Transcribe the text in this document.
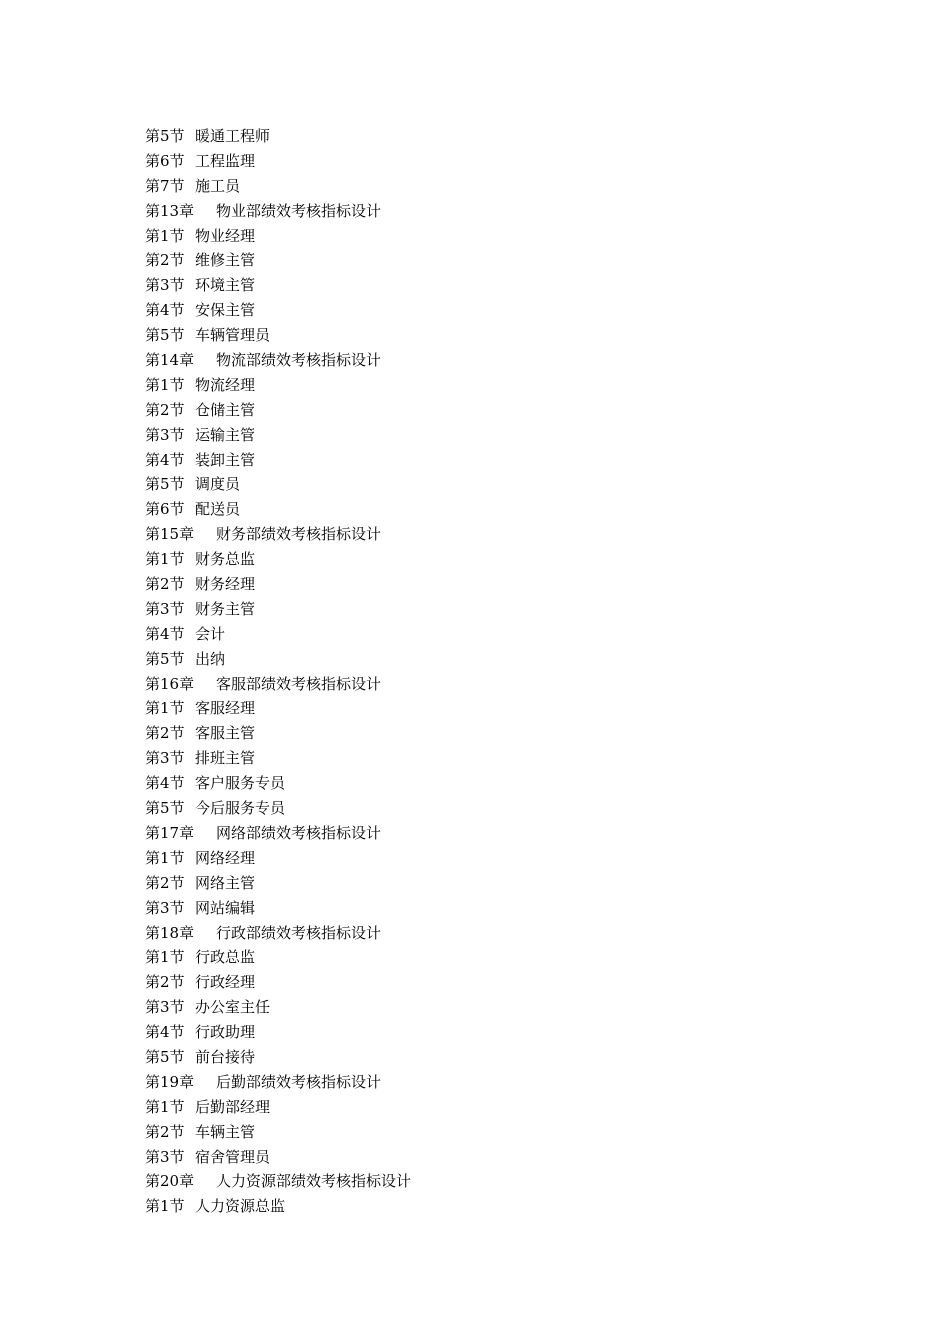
第5节 暖通工程师
第6节 工程监理
第7节 施工员
第13章	物业部绩效考核指标设计
第1节 物业经理
第2节 维修主管
第3节 环境主管
第4节 安保主管
第5节 车辆管理员
第14章	物流部绩效考核指标设计
第1节 物流经理
第2节 仓储主管
第3节 运输主管
第4节 装卸主管
第5节 调度员
第6节 配送员
第15章	财务部绩效考核指标设计
第1节 财务总监
第2节 财务经理
第3节 财务主管
第4节 会计
第5节 出纳
第16章	客服部绩效考核指标设计
第1节 客服经理
第2节 客服主管
第3节 排班主管
第4节 客户服务专员
第5节 今后服务专员
第17章	网络部绩效考核指标设计
第1节 网络经理
第2节 网络主管
第3节 网站编辑
第18章	行政部绩效考核指标设计
第1节 行政总监
第2节 行政经理
第3节 办公室主任
第4节 行政助理
第5节 前台接待
第19章	后勤部绩效考核指标设计
第1节 后勤部经理
第2节 车辆主管
第3节 宿舍管理员
第20章	人力资源部绩效考核指标设计
第1节 人力资源总监
